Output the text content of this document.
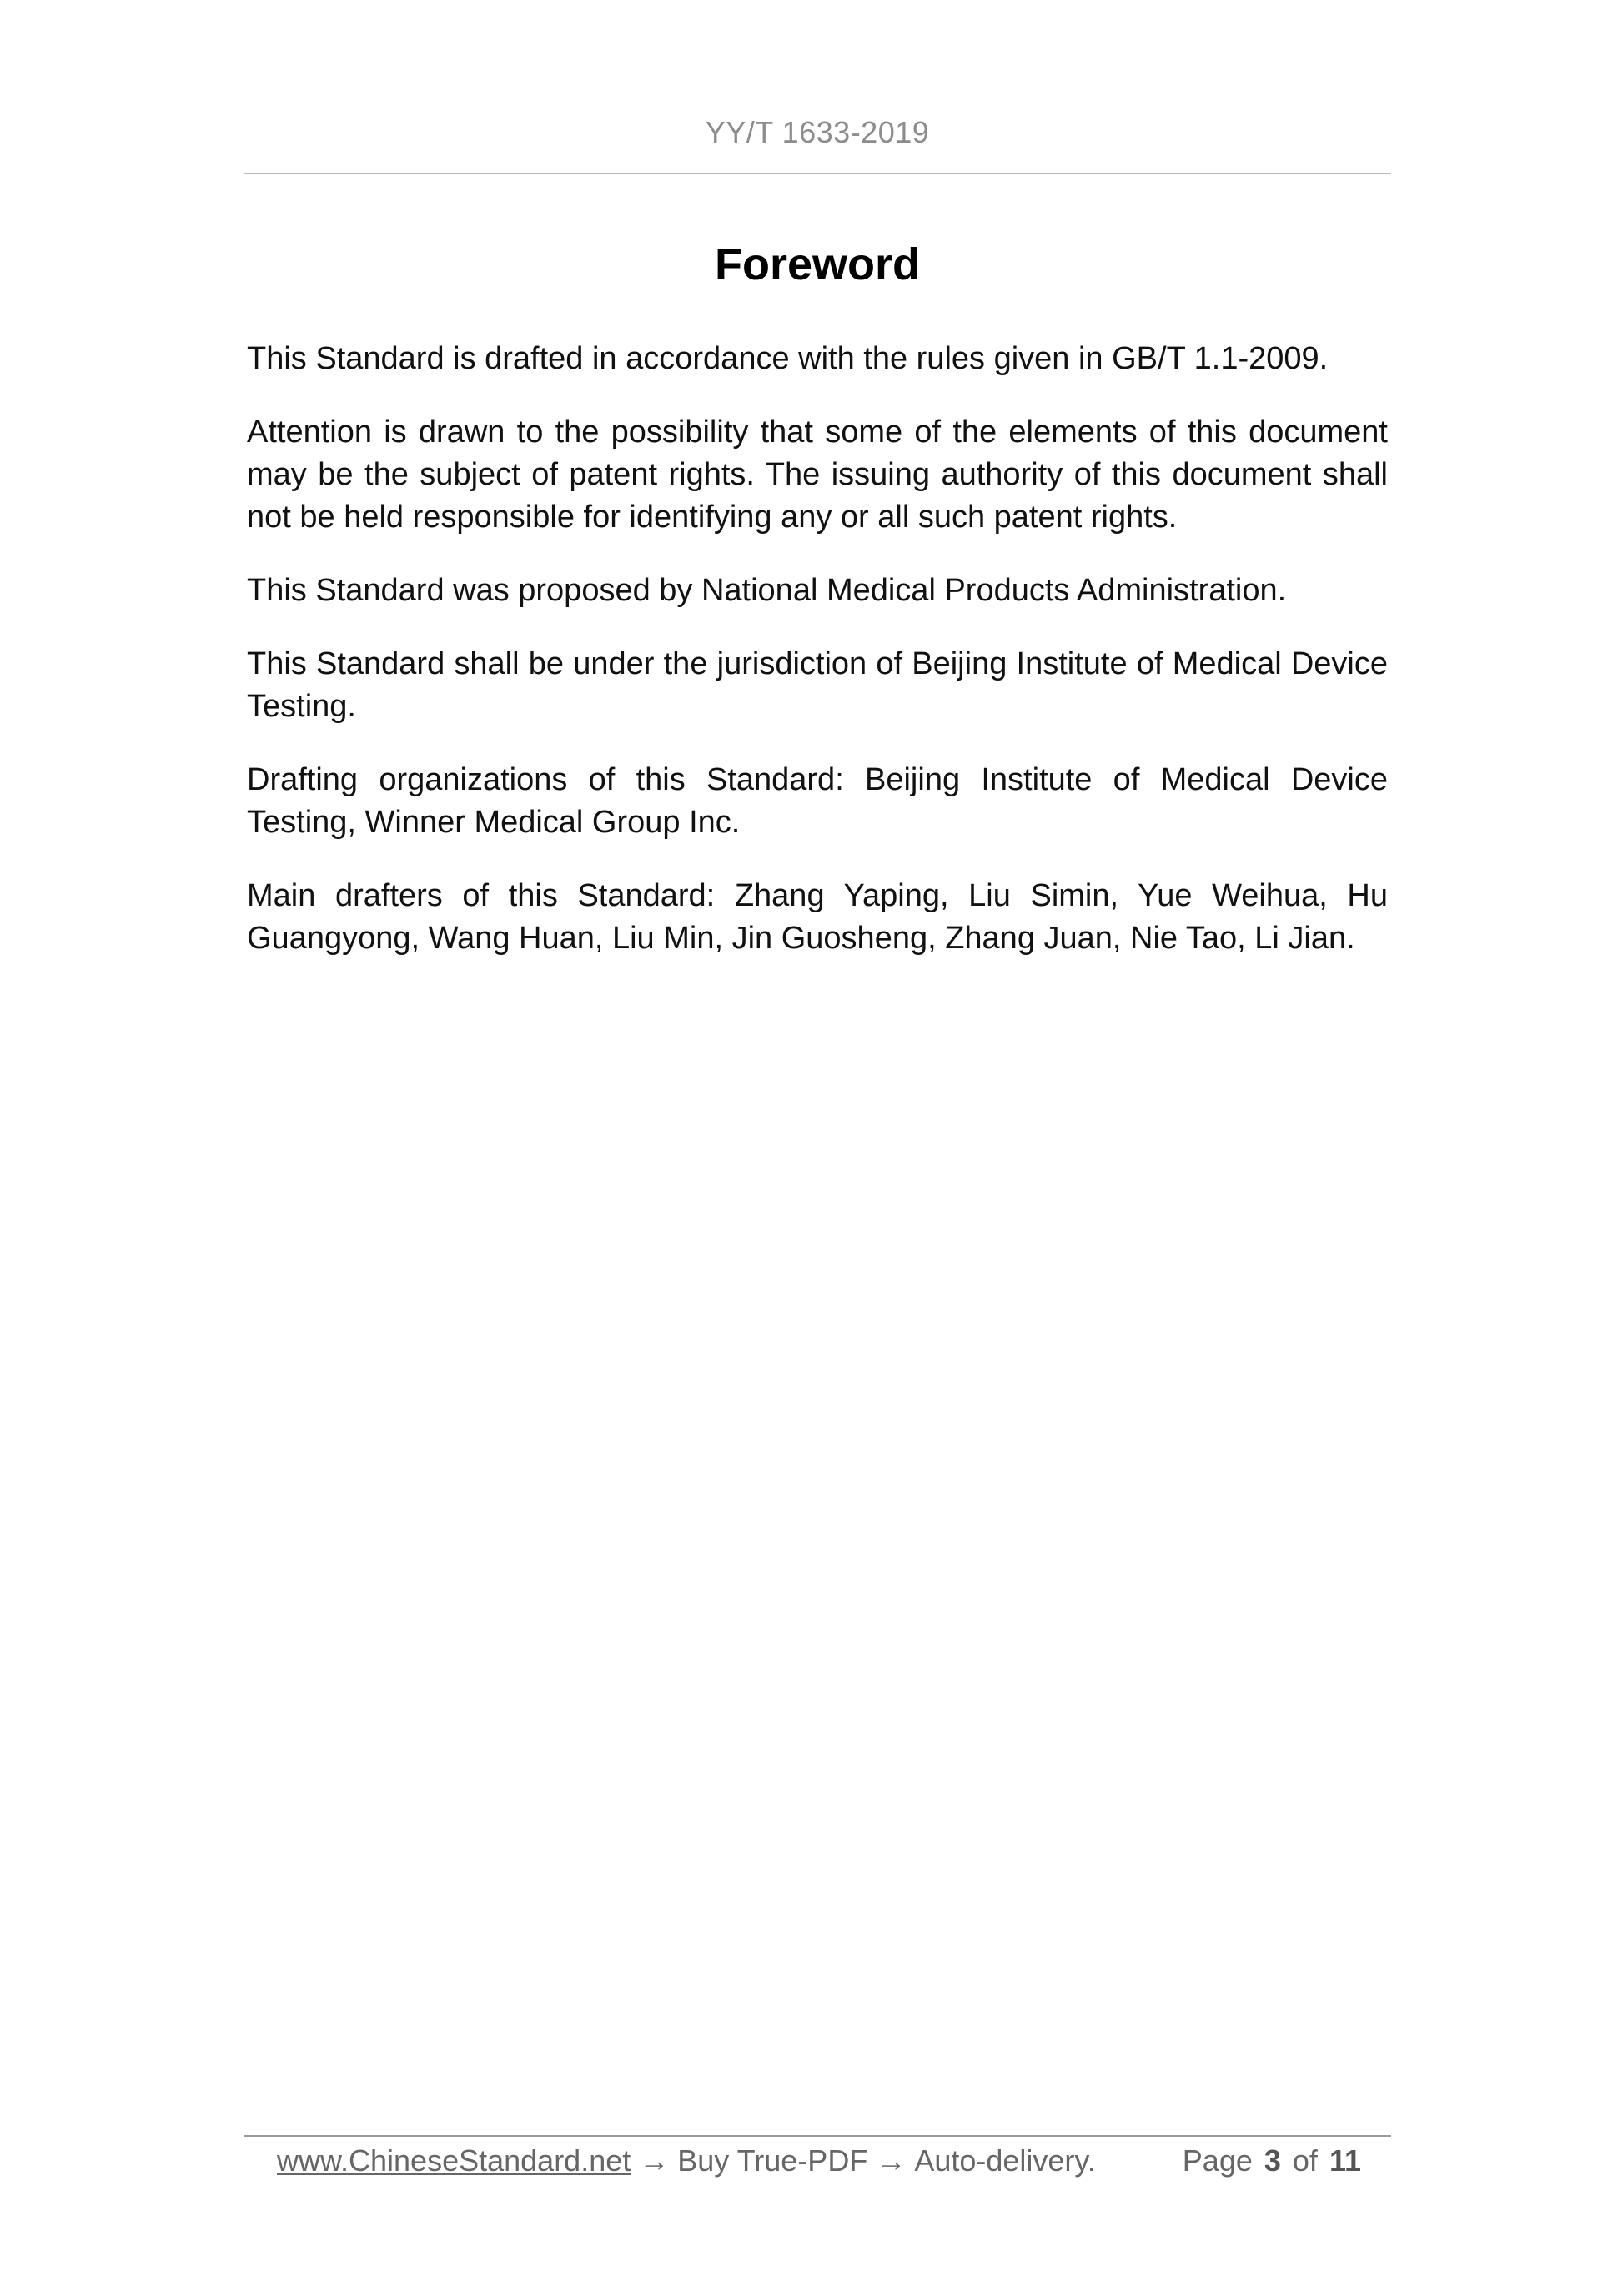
YY/T 1633-2019
Foreword

This Standard is drafted in accordance with the rules given in GB/T 1.1-2009.

Attention is drawn to the possibility that some of the elements of this document may be the subject of patent rights. The issuing authority of this document shall not be held responsible for identifying any or all such patent rights.

This Standard was proposed by National Medical Products Administration.

This Standard shall be under the jurisdiction of Beijing Institute of Medical Device Testing.

Drafting organizations of this Standard: Beijing Institute of Medical Device Testing, Winner Medical Group Inc.

Main drafters of this Standard: Zhang Yaping, Liu Simin, Yue Weihua, Hu Guangyong, Wang Huan, Liu Min, Jin Guosheng, Zhang Juan, Nie Tao, Li Jian.

www.ChineseStandard.net → Buy True-PDF → Auto-delivery.	Page 3 of 11
